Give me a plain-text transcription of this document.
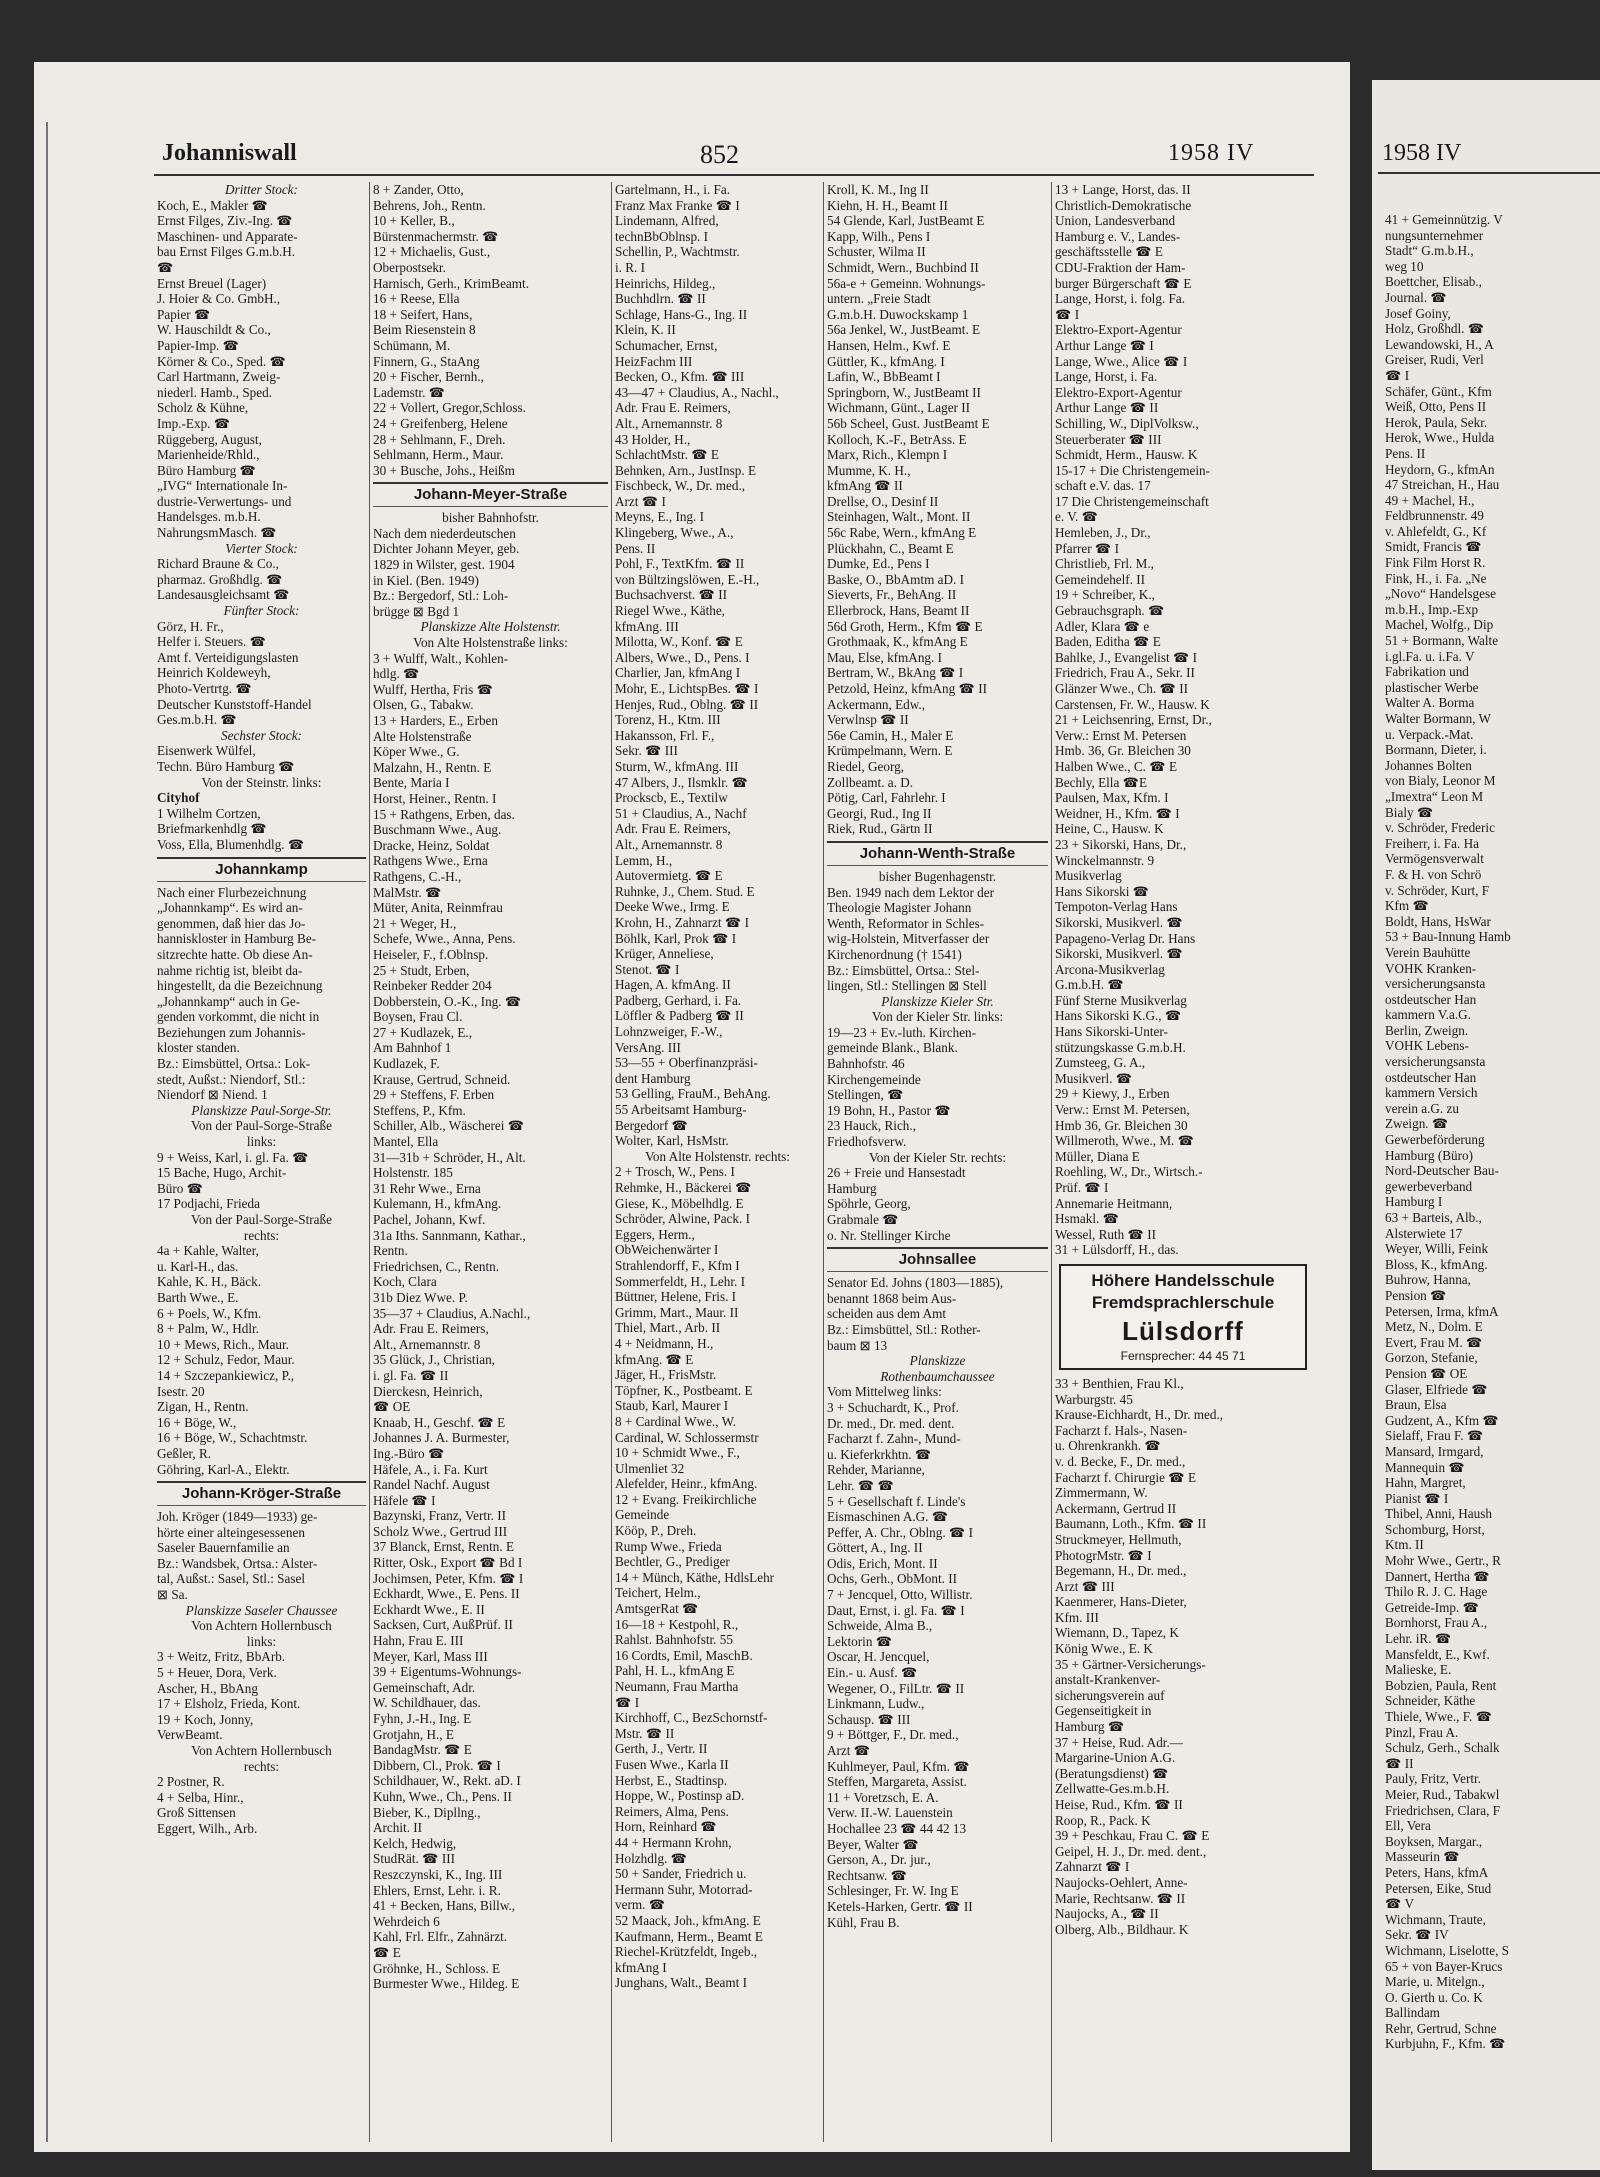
Johanniswall	852	1958 IV
Dritter Stock:
Koch, E., Makler ☎
Ernst Filges, Ziv.-Ing. ☎
Maschinen- und Apparate-
bau Ernst Filges G.m.b.H.
☎
Ernst Breuel (Lager)
J. Hoier & Co. GmbH.,
Papier ☎
W. Hauschildt & Co.,
Papier-Imp. ☎
Körner & Co., Sped. ☎
Carl Hartmann, Zweig-
niederl. Hamb., Sped.
Scholz & Kühne,
Imp.-Exp. ☎
Rüggeberg, August,
Marienheide/Rhld.,
Büro Hamburg ☎
„IVG“ Internationale In-
dustrie-Verwertungs- und
Handelsges. m.b.H.
NahrungsmMasch. ☎
Vierter Stock:
Richard Braune & Co.,
pharmaz. Großhdlg. ☎
Landesausgleichsamt ☎
Fünfter Stock:
Görz, H. Fr.,
Helfer i. Steuers. ☎
Amt f. Verteidigungslasten
Heinrich Koldeweyh,
Photo-Vertrtg. ☎
Deutscher Kunststoff-Handel
Ges.m.b.H. ☎
Sechster Stock:
Eisenwerk Wülfel,
Techn. Büro Hamburg ☎
Von der Steinstr. links:
Cityhof
1 Wilhelm Cortzen,
Briefmarkenhdlg ☎
Voss, Ella, Blumenhdlg. ☎
Johannkamp
Nach einer Flurbezeichnung
„Johannkamp“. Es wird an-
genommen, daß hier das Jo-
hanniskloster in Hamburg Be-
sitzrechte hatte. Ob diese An-
nahme richtig ist, bleibt da-
hingestellt, da die Bezeichnung
„Johannkamp“ auch in Ge-
genden vorkommt, die nicht in
Beziehungen zum Johannis-
kloster standen.
Bz.: Eimsbüttel, Ortsa.: Lok-
stedt, Außst.: Niendorf, Stl.:
Niendorf ⊠ Niend. 1
Planskizze Paul-Sorge-Str.
Von der Paul-Sorge-Straße
links:
9 + Weiss, Karl, i. gl. Fa. ☎
15 Bache, Hugo, Archit-
Büro ☎
17 Podjachi, Frieda
Von der Paul-Sorge-Straße
rechts:
4a + Kahle, Walter,
u. Karl-H., das.
Kahle, K. H., Bäck.
Barth Wwe., E.
6 + Poels, W., Kfm.
8 + Palm, W., Hdlr.
10 + Mews, Rich., Maur.
12 + Schulz, Fedor, Maur.
14 + Szczepankiewicz, P.,
Isestr. 20
Zigan, H., Rentn.
16 + Böge, W.,
16 + Böge, W., Schachtmstr.
Geßler, R.
Göhring, Karl-A., Elektr.
Johann-Kröger-Straße
Joh. Kröger (1849—1933) ge-
hörte einer alteingesessenen
Saseler Bauernfamilie an
Bz.: Wandsbek, Ortsa.: Alster-
tal, Außst.: Sasel, Stl.: Sasel
⊠ Sa.
Planskizze Saseler Chaussee
Von Achtern Hollernbusch
links:
3 + Weitz, Fritz, BbArb.
5 + Heuer, Dora, Verk.
Ascher, H., BbAng
17 + Elsholz, Frieda, Kont.
19 + Koch, Jonny,
VerwBeamt.
Von Achtern Hollernbusch
rechts:
2 Postner, R.
4 + Selba, Hinr.,
Groß Sittensen
Eggert, Wilh., Arb.
8 + Zander, Otto,
Behrens, Joh., Rentn.
10 + Keller, B.,
Bürstenmachermstr. ☎
12 + Michaelis, Gust.,
Oberpostsekr.
Harnisch, Gerh., KrimBeamt.
16 + Reese, Ella
18 + Seifert, Hans,
Beim Riesenstein 8
Schümann, M.
Finnern, G., StaAng
20 + Fischer, Bernh.,
Lademstr. ☎
22 + Vollert, Gregor,Schloss.
24 + Greifenberg, Helene
28 + Sehlmann, F., Dreh.
Sehlmann, Herm., Maur.
30 + Busche, Johs., Heißm
Johann-Meyer-Straße
bisher Bahnhofstr.
Nach dem niederdeutschen
Dichter Johann Meyer, geb.
1829 in Wilster, gest. 1904
in Kiel. (Ben. 1949)
Bz.: Bergedorf, Stl.: Loh-
brügge ⊠ Bgd 1
Planskizze Alte Holstenstr.
Von Alte Holstenstraße links:
3 + Wulff, Walt., Kohlen-
hdlg. ☎
Wulff, Hertha, Fris ☎
Olsen, G., Tabakw.
13 + Harders, E., Erben
Alte Holstenstraße
Köper Wwe., G.
Malzahn, H., Rentn. E
Bente, Maria I
Horst, Heiner., Rentn. I
15 + Rathgens, Erben, das.
Buschmann Wwe., Aug.
Dracke, Heinz, Soldat
Rathgens Wwe., Erna
Rathgens, C.-H.,
MalMstr. ☎
Müter, Anita, Reinmfrau
21 + Weger, H.,
Schefe, Wwe., Anna, Pens.
Heiseler, F., f.Oblnsp.
25 + Studt, Erben,
Reinbeker Redder 204
Dobberstein, O.-K., Ing. ☎
Boysen, Frau Cl.
27 + Kudlazek, E.,
Am Bahnhof 1
Kudlazek, F.
Krause, Gertrud, Schneid.
29 + Steffens, F. Erben
Steffens, P., Kfm.
Schiller, Alb., Wäscherei ☎
Mantel, Ella
31—31b + Schröder, H., Alt.
Holstenstr. 185
31 Rehr Wwe., Erna
Kulemann, H., kfmAng.
Pachel, Johann, Kwf.
31a Iths. Sannmann, Kathar.,
Rentn.
Friedrichsen, C., Rentn.
Koch, Clara
31b Diez Wwe. P.
35—37 + Claudius, A.Nachl.,
Adr. Frau E. Reimers,
Alt., Arnemannstr. 8
35 Glück, J., Christian,
i. gl. Fa. ☎ II
Dierckesn, Heinrich,
☎ OE
Knaab, H., Geschf. ☎ E
Johannes J. A. Burmester,
Ing.-Büro ☎
Häfele, A., i. Fa. Kurt
Randel Nachf. August
Häfele ☎ I
Bazynski, Franz, Vertr. II
Scholz Wwe., Gertrud III
37 Blanck, Ernst, Rentn. E
Ritter, Osk., Export ☎ Bd I
Jochimsen, Peter, Kfm. ☎ I
Eckhardt, Wwe., E. Pens. II
Eckhardt Wwe., E. II
Sacksen, Curt, AußPrüf. II
Hahn, Frau E. III
Meyer, Karl, Mass III
39 + Eigentums-Wohnungs-
Gemeinschaft, Adr.
W. Schildhauer, das.
Fyhn, J.-H., Ing. E
Grotjahn, H., E
BandagMstr. ☎ E
Dibbern, Cl., Prok. ☎ I
Schildhauer, W., Rekt. aD. I
Kuhn, Wwe., Ch., Pens. II
Bieber, K., Dipllng.,
Archit. II
Kelch, Hedwig,
StudRät. ☎ III
Reszczynski, K., Ing. III
Ehlers, Ernst, Lehr. i. R.
41 + Becken, Hans, Billw.,
Wehrdeich 6
Kahl, Frl. Elfr., Zahnärzt.
☎ E
Gröhnke, H., Schloss. E
Burmester Wwe., Hildeg. E
Gartelmann, H., i. Fa.
Franz Max Franke ☎ I
Lindemann, Alfred,
technBbOblnsp. I
Schellin, P., Wachtmstr.
i. R. I
Heinrichs, Hildeg.,
Buchhdlrn. ☎ II
Schlage, Hans-G., Ing. II
Klein, K. II
Schumacher, Ernst,
HeizFachm III
Becken, O., Kfm. ☎ III
43—47 + Claudius, A., Nachl.,
Adr. Frau E. Reimers,
Alt., Arnemannstr. 8
43 Holder, H.,
SchlachtMstr. ☎ E
Behnken, Arn., JustInsp. E
Fischbeck, W., Dr. med.,
Arzt ☎ I
Meyns, E., Ing. I
Klingeberg, Wwe., A.,
Pens. II
Pohl, F., TextKfm. ☎ II
von Bültzingslöwen, E.-H.,
Buchsachverst. ☎ II
Riegel Wwe., Käthe,
kfmAng. III
Milotta, W., Konf. ☎ E
Albers, Wwe., D., Pens. I
Charlier, Jan, kfmAng I
Mohr, E., LichtspBes. ☎ I
Henjes, Rud., Oblng. ☎ II
Torenz, H., Ktm. III
Hakansson, Frl. F.,
Sekr. ☎ III
Sturm, W., kfmAng. III
47 Albers, J., Ilsmklr. ☎
Prockscb, E., Textilw
51 + Claudius, A., Nachf
Adr. Frau E. Reimers,
Alt., Arnemannstr. 8
Lemm, H.,
Autovermietg. ☎ E
Ruhnke, J., Chem. Stud. E
Deeke Wwe., Irmg. E
Krohn, H., Zahnarzt ☎ I
Böhlk, Karl, Prok ☎ I
Krüger, Anneliese,
Stenot. ☎ I
Hagen, A. kfmAng. II
Padberg, Gerhard, i. Fa.
Löffler & Padberg ☎ II
Lohnzweiger, F.-W.,
VersAng. III
53—55 + Oberfinanzpräsi-
dent Hamburg
53 Gelling, FrauM., BehAng.
55 Arbeitsamt Hamburg-
Bergedorf ☎
Wolter, Karl, HsMstr.
Von Alte Holstenstr. rechts:
2 + Trosch, W., Pens. I
Rehmke, H., Bäckerei ☎
Giese, K., Möbelhdlg. E
Schröder, Alwine, Pack. I
Eggers, Herm.,
ObWeichenwärter I
Strahlendorff, F., Kfm I
Sommerfeldt, H., Lehr. I
Büttner, Helene, Fris. I
Grimm, Mart., Maur. II
Thiel, Mart., Arb. II
4 + Neidmann, H.,
kfmAng. ☎ E
Jäger, H., FrisMstr.
Töpfner, K., Postbeamt. E
Staub, Karl, Maurer I
8 + Cardinal Wwe., W.
Cardinal, W. Schlossermstr
10 + Schmidt Wwe., F.,
Ulmenliet 32
Alefelder, Heinr., kfmAng.
12 + Evang. Freikirchliche
Gemeinde
Kööp, P., Dreh.
Rump Wwe., Frieda
Bechtler, G., Prediger
14 + Münch, Käthe, HdlsLehr
Teichert, Helm.,
AmtsgerRat ☎
16—18 + Kestpohl, R.,
Rahlst. Bahnhofstr. 55
16 Cordts, Emil, MaschB.
Pahl, H. L., kfmAng E
Neumann, Frau Martha
☎ I
Kirchhoff, C., BezSchornstf-
Mstr. ☎ II
Gerth, J., Vertr. II
Fusen Wwe., Karla II
Herbst, E., Stadtinsp.
Hoppe, W., Postinsp aD.
Reimers, Alma, Pens.
Horn, Reinhard ☎
44 + Hermann Krohn,
Holzhdlg. ☎
50 + Sander, Friedrich u.
Hermann Suhr, Motorrad-
verm. ☎
52 Maack, Joh., kfmAng. E
Kaufmann, Herm., Beamt E
Riechel-Krützfeldt, Ingeb.,
kfmAng I
Junghans, Walt., Beamt I
Kroll, K. M., Ing II
Kiehn, H. H., Beamt II
54 Glende, Karl, JustBeamt E
Kapp, Wilh., Pens I
Schuster, Wilma II
Schmidt, Wern., Buchbind II
56a-e + Gemeinn. Wohnungs-
untern. „Freie Stadt
G.m.b.H. Duwockskamp 1
56a Jenkel, W., JustBeamt. E
Hansen, Helm., Kwf. E
Güttler, K., kfmAng. I
Lafin, W., BbBeamt I
Springborn, W., JustBeamt II
Wichmann, Günt., Lager II
56b Scheel, Gust. JustBeamt E
Kolloch, K.-F., BetrAss. E
Marx, Rich., Klempn I
Mumme, K. H.,
kfmAng ☎ II
Drellse, O., Desinf II
Steinhagen, Walt., Mont. II
56c Rabe, Wern., kfmAng E
Plückhahn, C., Beamt E
Dumke, Ed., Pens I
Baske, O., BbAmtm aD. I
Sieverts, Fr., BehAng. II
Ellerbrock, Hans, Beamt II
56d Groth, Herm., Kfm ☎ E
Grothmaak, K., kfmAng E
Mau, Else, kfmAng. I
Bertram, W., BkAng ☎ I
Petzold, Heinz, kfmAng ☎ II
Ackermann, Edw.,
Verwlnsp ☎ II
56e Camin, H., Maler E
Krümpelmann, Wern. E
Riedel, Georg,
Zollbeamt. a. D.
Pötig, Carl, Fahrlehr. I
Georgi, Rud., Ing II
Riek, Rud., Gärtn II
Johann-Wenth-Straße
bisher Bugenhagenstr.
Ben. 1949 nach dem Lektor der
Theologie Magister Johann
Wenth, Reformator in Schles-
wig-Holstein, Mitverfasser der
Kirchenordnung († 1541)
Bz.: Eimsbüttel, Ortsa.: Stel-
lingen, Stl.: Stellingen ⊠ Stell
Planskizze Kieler Str.
Von der Kieler Str. links:
19—23 + Ev.-luth. Kirchen-
gemeinde Blank., Blank.
Bahnhofstr. 46
Kirchengemeinde
Stellingen, ☎
19 Bohn, H., Pastor ☎
23 Hauck, Rich.,
Friedhofsverw.
Von der Kieler Str. rechts:
26 + Freie und Hansestadt
Hamburg
Spöhrle, Georg,
Grabmale ☎
o. Nr. Stellinger Kirche
Johnsallee
Senator Ed. Johns (1803—1885),
benannt 1868 beim Aus-
scheiden aus dem Amt
Bz.: Eimsbüttel, Stl.: Rother-
baum ⊠ 13
Planskizze
Rothenbaumchaussee
Vom Mittelweg links:
3 + Schuchardt, K., Prof.
Dr. med., Dr. med. dent.
Facharzt f. Zahn-, Mund-
u. Kieferkrkhtn. ☎
Rehder, Marianne,
Lehr. ☎ ☎
5 + Gesellschaft f. Linde's
Eismaschinen A.G. ☎
Peffer, A. Chr., Oblng. ☎ I
Göttert, A., Ing. II
Odis, Erich, Mont. II
Ochs, Gerh., ObMont. II
7 + Jencquel, Otto, Willistr.
Daut, Ernst, i. gl. Fa. ☎ I
Schweide, Alma B.,
Lektorin ☎
Oscar, H. Jencquel,
Ein.- u. Ausf. ☎
Wegener, O., FilLtr. ☎ II
Linkmann, Ludw.,
Schausp. ☎ III
9 + Böttger, F., Dr. med.,
Arzt ☎
Kuhlmeyer, Paul, Kfm. ☎
Steffen, Margareta, Assist.
11 + Voretzsch, E. A.
Verw. II.-W. Lauenstein
Hochallee 23 ☎ 44 42 13
Beyer, Walter ☎
Gerson, A., Dr. jur.,
Rechtsanw. ☎
Schlesinger, Fr. W. Ing E
Ketels-Harken, Gertr. ☎ II
Kühl, Frau B.
13 + Lange, Horst, das. II
Christlich-Demokratische
Union, Landesverband
Hamburg e. V., Landes-
geschäftsstelle ☎ E
CDU-Fraktion der Ham-
burger Bürgerschaft ☎ E
Lange, Horst, i. folg. Fa.
☎ I
Elektro-Export-Agentur
Arthur Lange ☎ I
Lange, Wwe., Alice ☎ I
Lange, Horst, i. Fa.
Elektro-Export-Agentur
Arthur Lange ☎ II
Schilling, W., DiplVolksw.,
Steuerberater ☎ III
Schmidt, Herm., Hausw. K
15-17 + Die Christengemein-
schaft e.V. das. 17
17 Die Christengemeinschaft
e. V. ☎
Hemleben, J., Dr.,
Pfarrer ☎ I
Christlieb, Frl. M.,
Gemeindehelf. II
19 + Schreiber, K.,
Gebrauchsgraph. ☎
Adler, Klara ☎ e
Baden, Editha ☎ E
Bahlke, J., Evangelist ☎ I
Friedrich, Frau A., Sekr. II
Glänzer Wwe., Ch. ☎ II
Carstensen, Fr. W., Hausw. K
21 + Leichsenring, Ernst, Dr.,
Verw.: Ernst M. Petersen
Hmb. 36, Gr. Bleichen 30
Halben Wwe., C. ☎ E
Bechly, Ella ☎E
Paulsen, Max, Kfm. I
Weidner, H., Kfm. ☎ I
Heine, C., Hausw. K
23 + Sikorski, Hans, Dr.,
Winckelmannstr. 9
Musikverlag
Hans Sikorski ☎
Tempoton-Verlag Hans
Sikorski, Musikverl. ☎
Papageno-Verlag Dr. Hans
Sikorski, Musikverl. ☎
Arcona-Musikverlag
G.m.b.H. ☎
Fünf Sterne Musikverlag
Hans Sikorski K.G., ☎
Hans Sikorski-Unter-
stützungskasse G.m.b.H.
Zumsteeg, G. A.,
Musikverl. ☎
29 + Kiewy, J., Erben
Verw.: Ernst M. Petersen,
Hmb 36, Gr. Bleichen 30
Willmeroth, Wwe., M. ☎
Müller, Diana E
Roehling, W., Dr., Wirtsch.-
Prüf. ☎ I
Annemarie Heitmann,
Hsmakl. ☎
Wessel, Ruth ☎ II
31 + Lülsdorff, H., das.
Höhere Handelsschule
Fremdsprachlerschule
Lülsdorff
Fernsprecher: 44 45 71
33 + Benthien, Frau Kl.,
Warburgstr. 45
Krause-Eichhardt, H., Dr. med.,
Facharzt f. Hals-, Nasen-
u. Ohrenkrankh. ☎
v. d. Becke, F., Dr. med.,
Facharzt f. Chirurgie ☎ E
Zimmermann, W.
Ackermann, Gertrud II
Baumann, Loth., Kfm. ☎ II
Struckmeyer, Hellmuth,
PhotogrMstr. ☎ I
Begemann, H., Dr. med.,
Arzt ☎ III
Kaenmerer, Hans-Dieter,
Kfm. III
Wiemann, D., Tapez, K
König Wwe., E. K
35 + Gärtner-Versicherungs-
anstalt-Krankenver-
sicherungsverein auf
Gegenseitigkeit in
Hamburg ☎
37 + Heise, Rud. Adr.—
Margarine-Union A.G.
(Beratungsdienst) ☎
Zellwatte-Ges.m.b.H.
Heise, Rud., Kfm. ☎ II
Roop, R., Pack. K
39 + Peschkau, Frau C. ☎ E
Geipel, H. J., Dr. med. dent.,
Zahnarzt ☎ I
Naujocks-Oehlert, Anne-
Marie, Rechtsanw. ☎ II
Naujocks, A., ☎ II
Olberg, Alb., Bildhaur. K
1958 IV
41 + Gemeinnützig. V
nungsunternehmer
Stadt“ G.m.b.H.,
weg 10
Boettcher, Elisab.,
Journal. ☎
Josef Goiny,
Holz, Großhdl. ☎
Lewandowski, H., A
Greiser, Rudi, Verl
☎ I
Schäfer, Günt., Kfm
Weiß, Otto, Pens II
Herok, Paula, Sekr.
Herok, Wwe., Hulda
Pens. II
Heydorn, G., kfmAn
47 Streichan, H., Hau
49 + Machel, H.,
Feldbrunnenstr. 49
v. Ahlefeldt, G., Kf
Smidt, Francis ☎
Fink Film Horst R.
Fink, H., i. Fa. „Ne
„Novo“ Handelsgese
m.b.H., Imp.-Exp
Machel, Wolfg., Dip
51 + Bormann, Walte
i.gl.Fa. u. i.Fa. V
Fabrikation und
plastischer Werbe
Walter A. Borma
Walter Bormann, W
u. Verpack.-Mat.
Bormann, Dieter, i.
Johannes Bolten
von Bialy, Leonor M
„Imextra“ Leon M
Bialy ☎
v. Schröder, Frederic
Freiherr, i. Fa. Ha
Vermögensverwalt
F. & H. von Schrö
v. Schröder, Kurt, F
Kfm ☎
Boldt, Hans, HsWar
53 + Bau-Innung Hamb
Verein Bauhütte
VOHK Kranken-
versicherungsansta
ostdeutscher Han
kammern V.a.G.
Berlin, Zweign.
VOHK Lebens-
versicherungsansta
ostdeutscher Han
kammern Versich
verein a.G. zu
Zweign. ☎
Gewerbeförderung
Hamburg (Büro)
Nord-Deutscher Bau-
gewerbeverband
Hamburg I
63 + Barteis, Alb.,
Alsterwiete 17
Weyer, Willi, Feink
Bloss, K., kfmAng.
Buhrow, Hanna,
Pension ☎
Petersen, Irma, kfmA
Metz, N., Dolm. E
Evert, Frau M. ☎
Gorzon, Stefanie,
Pension ☎ OE
Glaser, Elfriede ☎
Braun, Elsa
Gudzent, A., Kfm ☎
Sielaff, Frau F. ☎
Mansard, Irmgard,
Mannequin ☎
Hahn, Margret,
Pianist ☎ I
Thibel, Anni, Haush
Schomburg, Horst,
Ktm. II
Mohr Wwe., Gertr., R
Dannert, Hertha ☎
Thilo R. J. C. Hage
Getreide-Imp. ☎
Bornhorst, Frau A.,
Lehr. iR. ☎
Mansfeldt, E., Kwf.
Malieske, E.
Bobzien, Paula, Rent
Schneider, Käthe
Thiele, Wwe., F. ☎
Pinzl, Frau A.
Schulz, Gerh., Schalk
☎ II
Pauly, Fritz, Vertr.
Meier, Rud., Tabakwl
Friedrichsen, Clara, F
Ell, Vera
Boyksen, Margar.,
Masseurin ☎
Peters, Hans, kfmA
Petersen, Eike, Stud
☎ V
Wichmann, Traute,
Sekr. ☎ IV
Wichmann, Liselotte, S
65 + von Bayer-Krucs
Marie, u. Mitelgn.,
O. Gierth u. Co. K
Ballindam
Rehr, Gertrud, Schne
Kurbjuhn, F., Kfm. ☎
